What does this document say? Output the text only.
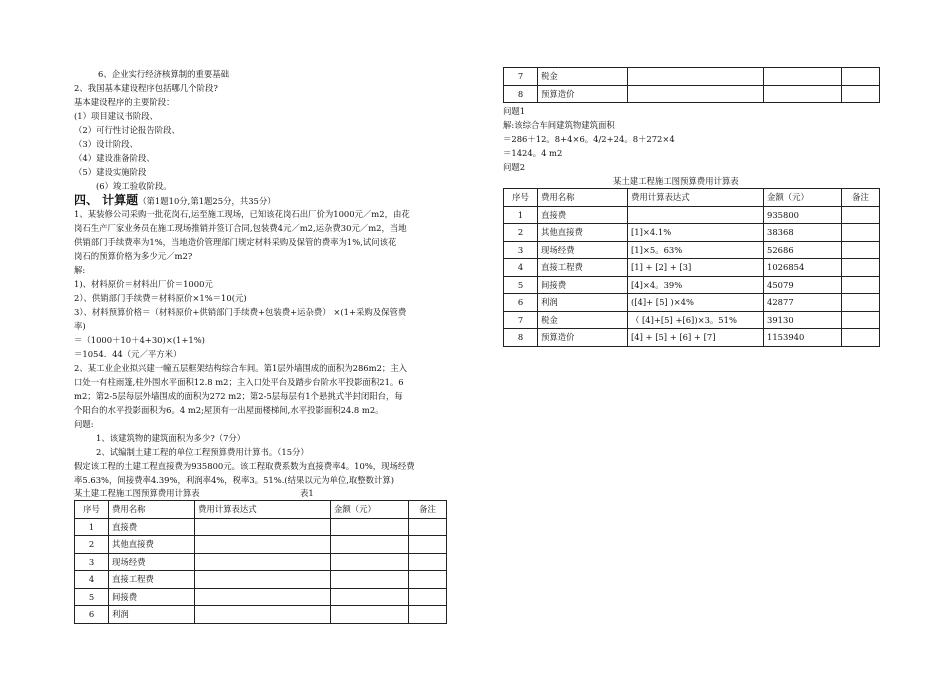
6、企业实行经济核算制的重要基础
2、我国基本建设程序包括哪几个阶段?
基本建设程序的主要阶段：
(1）项目建议书阶段、
（2）可行性讨论报告阶段、
（3）设计阶段、
（4）建设准备阶段、
（5）建设实施阶段
(6）竣工验收阶段。
四、 计算题（第1题10分,第1题25分，共35分）
1、某装修公司采购一批花岗石,运至施工现场，已知该花岗石出厂价为1000元／m2，由花
岗石生产厂家业务员在施工现场推销并签订合同,包装费4元／m2,运杂费30元／m2，当地
供销部门手续费率为1%，当地造价管理部门规定材料采购及保管的费率为1%,试问该花
岗石的预算价格为多少元／m2?
解:
1)、材料原价＝材料出厂价＝1000元
2）、供销部门手续费＝材料原价×1%＝10(元)
3）、材料预算价格＝（材料原价+供销部门手续费+包装费+运杂费） ×(1+采购及保管费
率)
＝（1000＋10＋4+30)×(1+1%)
＝1054．44（元／平方米）
2、某工业企业拟兴建一幢五层框架结构综合车间。第1层外墙围成的面积为286m2；主入
口处一有柱雨篷,柱外围水平面积12.8 m2；主入口处平台及踏步台阶水平投影面积21。6
m2；第2-5层每层外墙围成的面积为272 m2；第2-5层每层有1个悬挑式半封闭阳台，每
个阳台的水平投影面积为6。4 m2;屋顶有一出屋面楼梯间,水平投影面积24.8 m2。
问题:
1、该建筑物的建筑面积为多少?（7分）
2、试编制土建工程的单位工程预算费用计算书。（15分）
假定该工程的土建工程直接费为935800元。该工程取费系数为直接费率4。10%，现场经费
率5.63%，间接费率4.39%，利润率4%，税率3。51%.(结果以元为单位,取整数计算)
某土建工程施工图预算费用计算表	表1
序号	费用名称	费用计算表达式	金额（元）	备注
1	直接费			
2	其他直接费			
3	现场经费			
4	直接工程费			
5	间接费			
6	利润			
7	税金			
8	预算造价			
问题1
解:该综合车间建筑物建筑面积
＝286＋12。8+4×6。4/2+24。8＋272×4
＝1424。4 m2
问题2
某土建工程施工图预算费用计算表
序号	费用名称	费用计算表达式	金额（元）	备注
1	直接费		935800	
2	其他直接费	[1]×4.1%	38368	
3	现场经费	[1]×5。63%	52686	
4	直接工程费	[1] + [2] + [3]	1026854	
5	间接费	[4]×4。39%	45079	
6	利润	([4]+ [5] )×4%	42877	
7	税金	（ [4]+[5] +[6])×3。51%	39130	
8	预算造价	[4] + [5] + [6] + [7]	1153940	
